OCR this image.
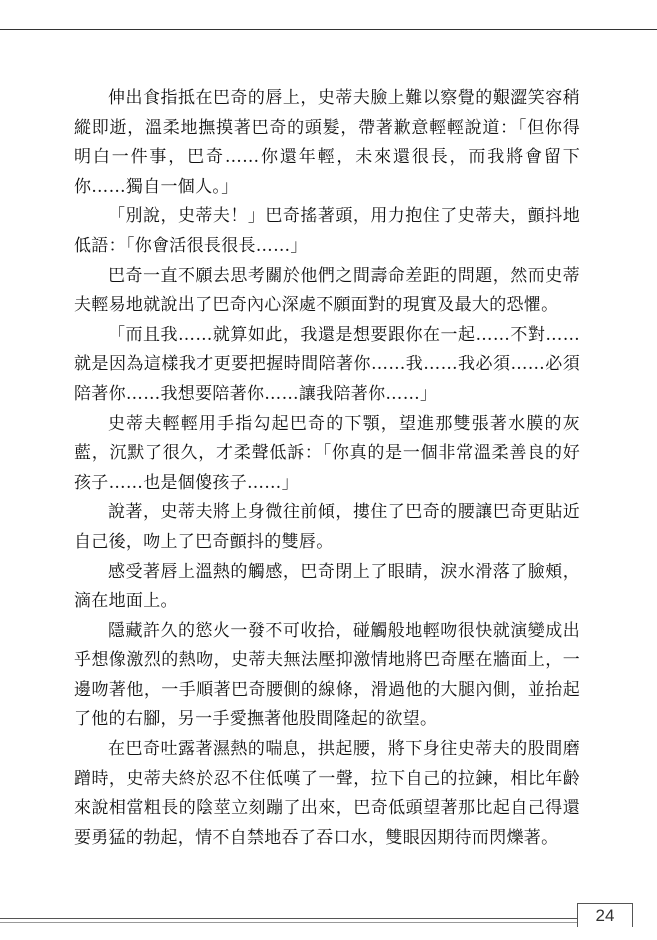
伸出食指抵在巴奇的唇上，史蒂夫臉上難以察覺的艱澀笑容稍縱即逝，溫柔地撫摸著巴奇的頭髮，帶著歉意輕輕說道：「但你得明白一件事，巴奇……你還年輕，未來還很長，而我將會留下你……獨自一個人。」

「別說，史蒂夫！」巴奇搖著頭，用力抱住了史蒂夫，顫抖地低語：「你會活很長很長……」

巴奇一直不願去思考關於他們之間壽命差距的問題，然而史蒂夫輕易地就說出了巴奇內心深處不願面對的現實及最大的恐懼。

「而且我……就算如此，我還是想要跟你在一起……不對……就是因為這樣我才更要把握時間陪著你……我……我必須……必須陪著你……我想要陪著你……讓我陪著你……」

史蒂夫輕輕用手指勾起巴奇的下顎，望進那雙張著水膜的灰藍，沉默了很久，才柔聲低訴：「你真的是一個非常溫柔善良的好孩子……也是個傻孩子……」

說著，史蒂夫將上身微往前傾，摟住了巴奇的腰讓巴奇更貼近自己後，吻上了巴奇顫抖的雙唇。

感受著唇上溫熱的觸感，巴奇閉上了眼睛，淚水滑落了臉頰，滴在地面上。

隱藏許久的慾火一發不可收拾，碰觸般地輕吻很快就演變成出乎想像激烈的熱吻，史蒂夫無法壓抑激情地將巴奇壓在牆面上，一邊吻著他，一手順著巴奇腰側的線條，滑過他的大腿內側，並抬起了他的右腳，另一手愛撫著他股間隆起的欲望。

在巴奇吐露著濕熱的喘息，拱起腰，將下身往史蒂夫的股間磨蹭時，史蒂夫終於忍不住低嘆了一聲，拉下自己的拉鍊，相比年齡來說相當粗長的陰莖立刻蹦了出來，巴奇低頭望著那比起自己得還要勇猛的勃起，情不自禁地吞了吞口水，雙眼因期待而閃爍著。

24
